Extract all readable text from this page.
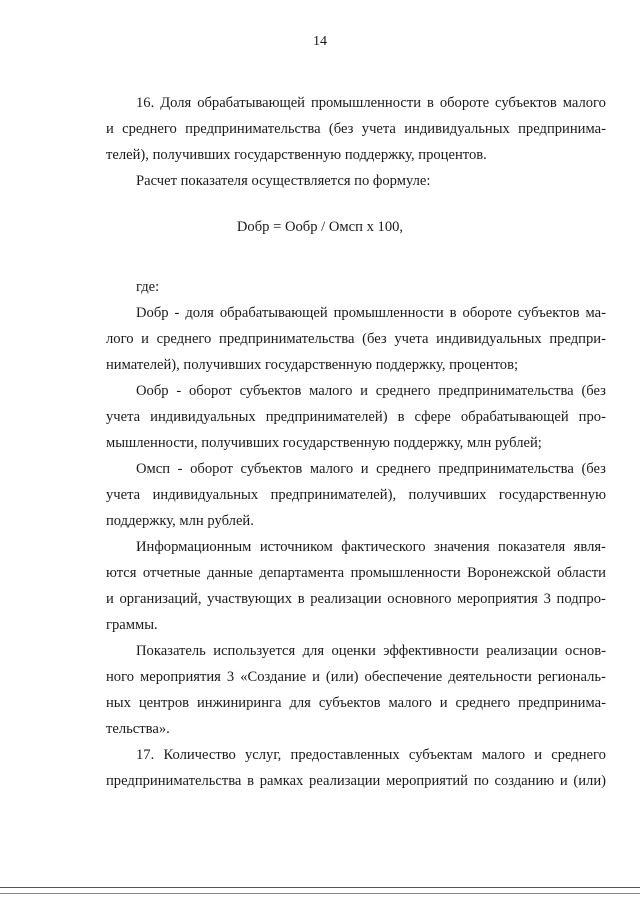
14
16. Доля обрабатывающей промышленности в обороте субъектов малого
и среднего предпринимательства (без учета индивидуальных предпринима-
телей), получивших государственную поддержку, процентов.
Расчет показателя осуществляется по формуле:
Dобр = Oобр / Oмсп x 100,
где:
Dобр - доля обрабатывающей промышленности в обороте субъектов ма-
лого и среднего предпринимательства (без учета индивидуальных предпри-
нимателей), получивших государственную поддержку, процентов;
Oобр - оборот субъектов малого и среднего предпринимательства (без
учета индивидуальных предпринимателей) в сфере обрабатывающей про-
мышленности, получивших государственную поддержку, млн рублей;
Oмсп - оборот субъектов малого и среднего предпринимательства (без
учета индивидуальных предпринимателей), получивших государственную
поддержку, млн рублей.
Информационным источником фактического значения показателя явля-
ются отчетные данные департамента промышленности Воронежской области
и организаций, участвующих в реализации основного мероприятия 3 подпро-
граммы.
Показатель используется для оценки эффективности реализации основ-
ного мероприятия 3 «Создание и (или) обеспечение деятельности региональ-
ных центров инжиниринга для субъектов малого и среднего предпринима-
тельства».
17. Количество услуг, предоставленных субъектам малого и среднего
предпринимательства в рамках реализации мероприятий по созданию и (или)
